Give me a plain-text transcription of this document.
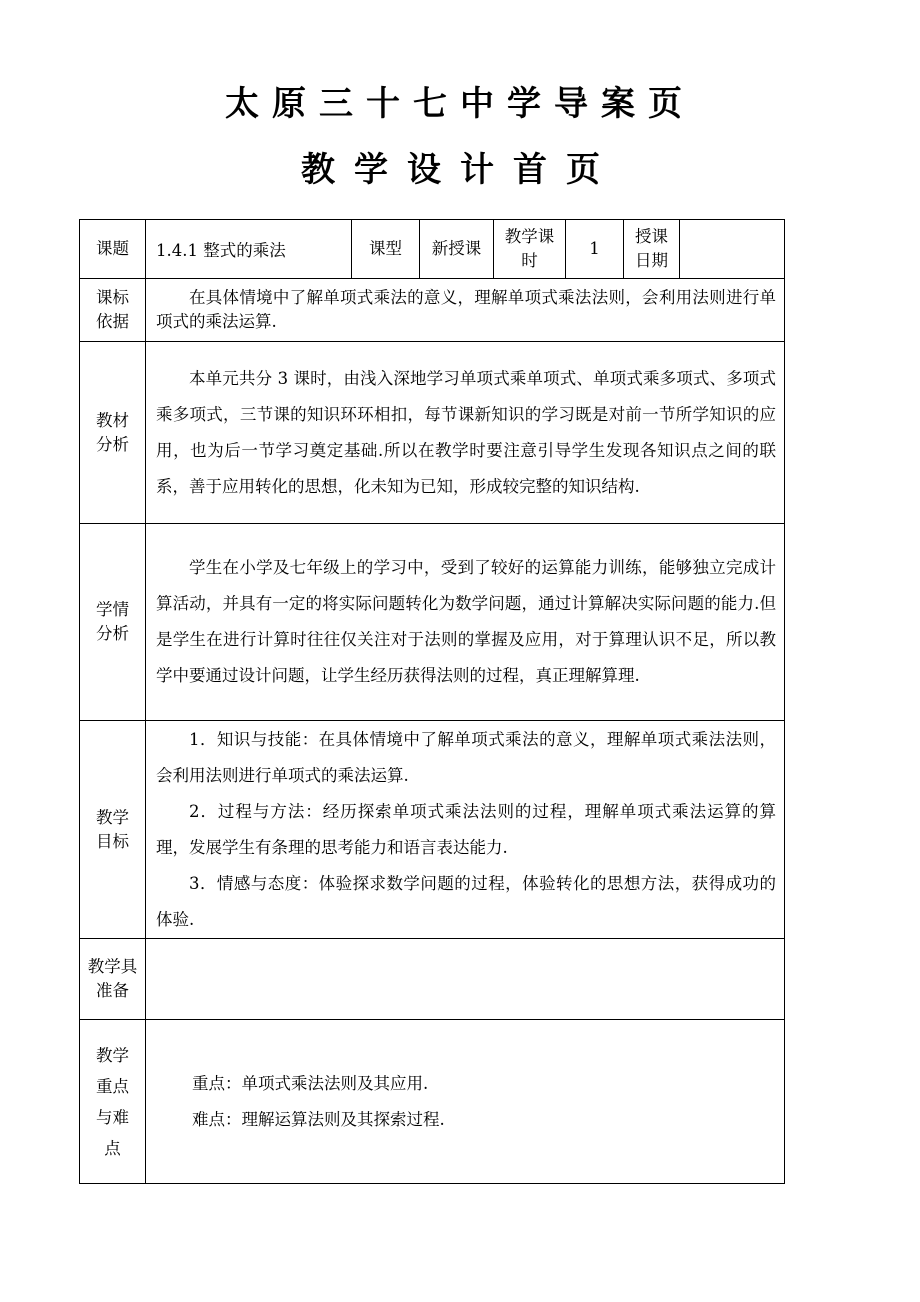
太原三十七中学导案页
教学设计首页
课题	1.4.1 整式的乘法	课型	新授课	教学课时	1	授课日期	
课标依据	在具体情境中了解单项式乘法的意义，理解单项式乘法法则，会利用法则进行单项式的乘法运算.						

教材分析	本单元共分 3 课时，由浅入深地学习单项式乘单项式、单项式乘多项式、多项式乘多项式，三节课的知识环环相扣，每节课新知识的学习既是对前一节所学知识的应用，也为后一节学习奠定基础.所以在教学时要注意引导学生发现各知识点之间的联系，善于应用转化的思想，化未知为已知，形成较完整的知识结构.						

学情分析	学生在小学及七年级上的学习中，受到了较好的运算能力训练，能够独立完成计算活动，并具有一定的将实际问题转化为数学问题，通过计算解决实际问题的能力.但是学生在进行计算时往往仅关注对于法则的掌握及应用，对于算理认识不足，所以教学中要通过设计问题，让学生经历获得法则的过程，真正理解算理.						

教学目标	1．知识与技能：在具体情境中了解单项式乘法的意义，理解单项式乘法法则，会利用法则进行单项式的乘法运算.

2．过程与方法：经历探索单项式乘法法则的过程，理解单项式乘法运算的算理，发展学生有条理的思考能力和语言表达能力.

3．情感与态度：体验探求数学问题的过程，体验转化的思想方法，获得成功的体验.						

教学具准备							
教学重点与难点	重点：单项式乘法法则及其应用.

难点：理解运算法则及其探索过程.						
